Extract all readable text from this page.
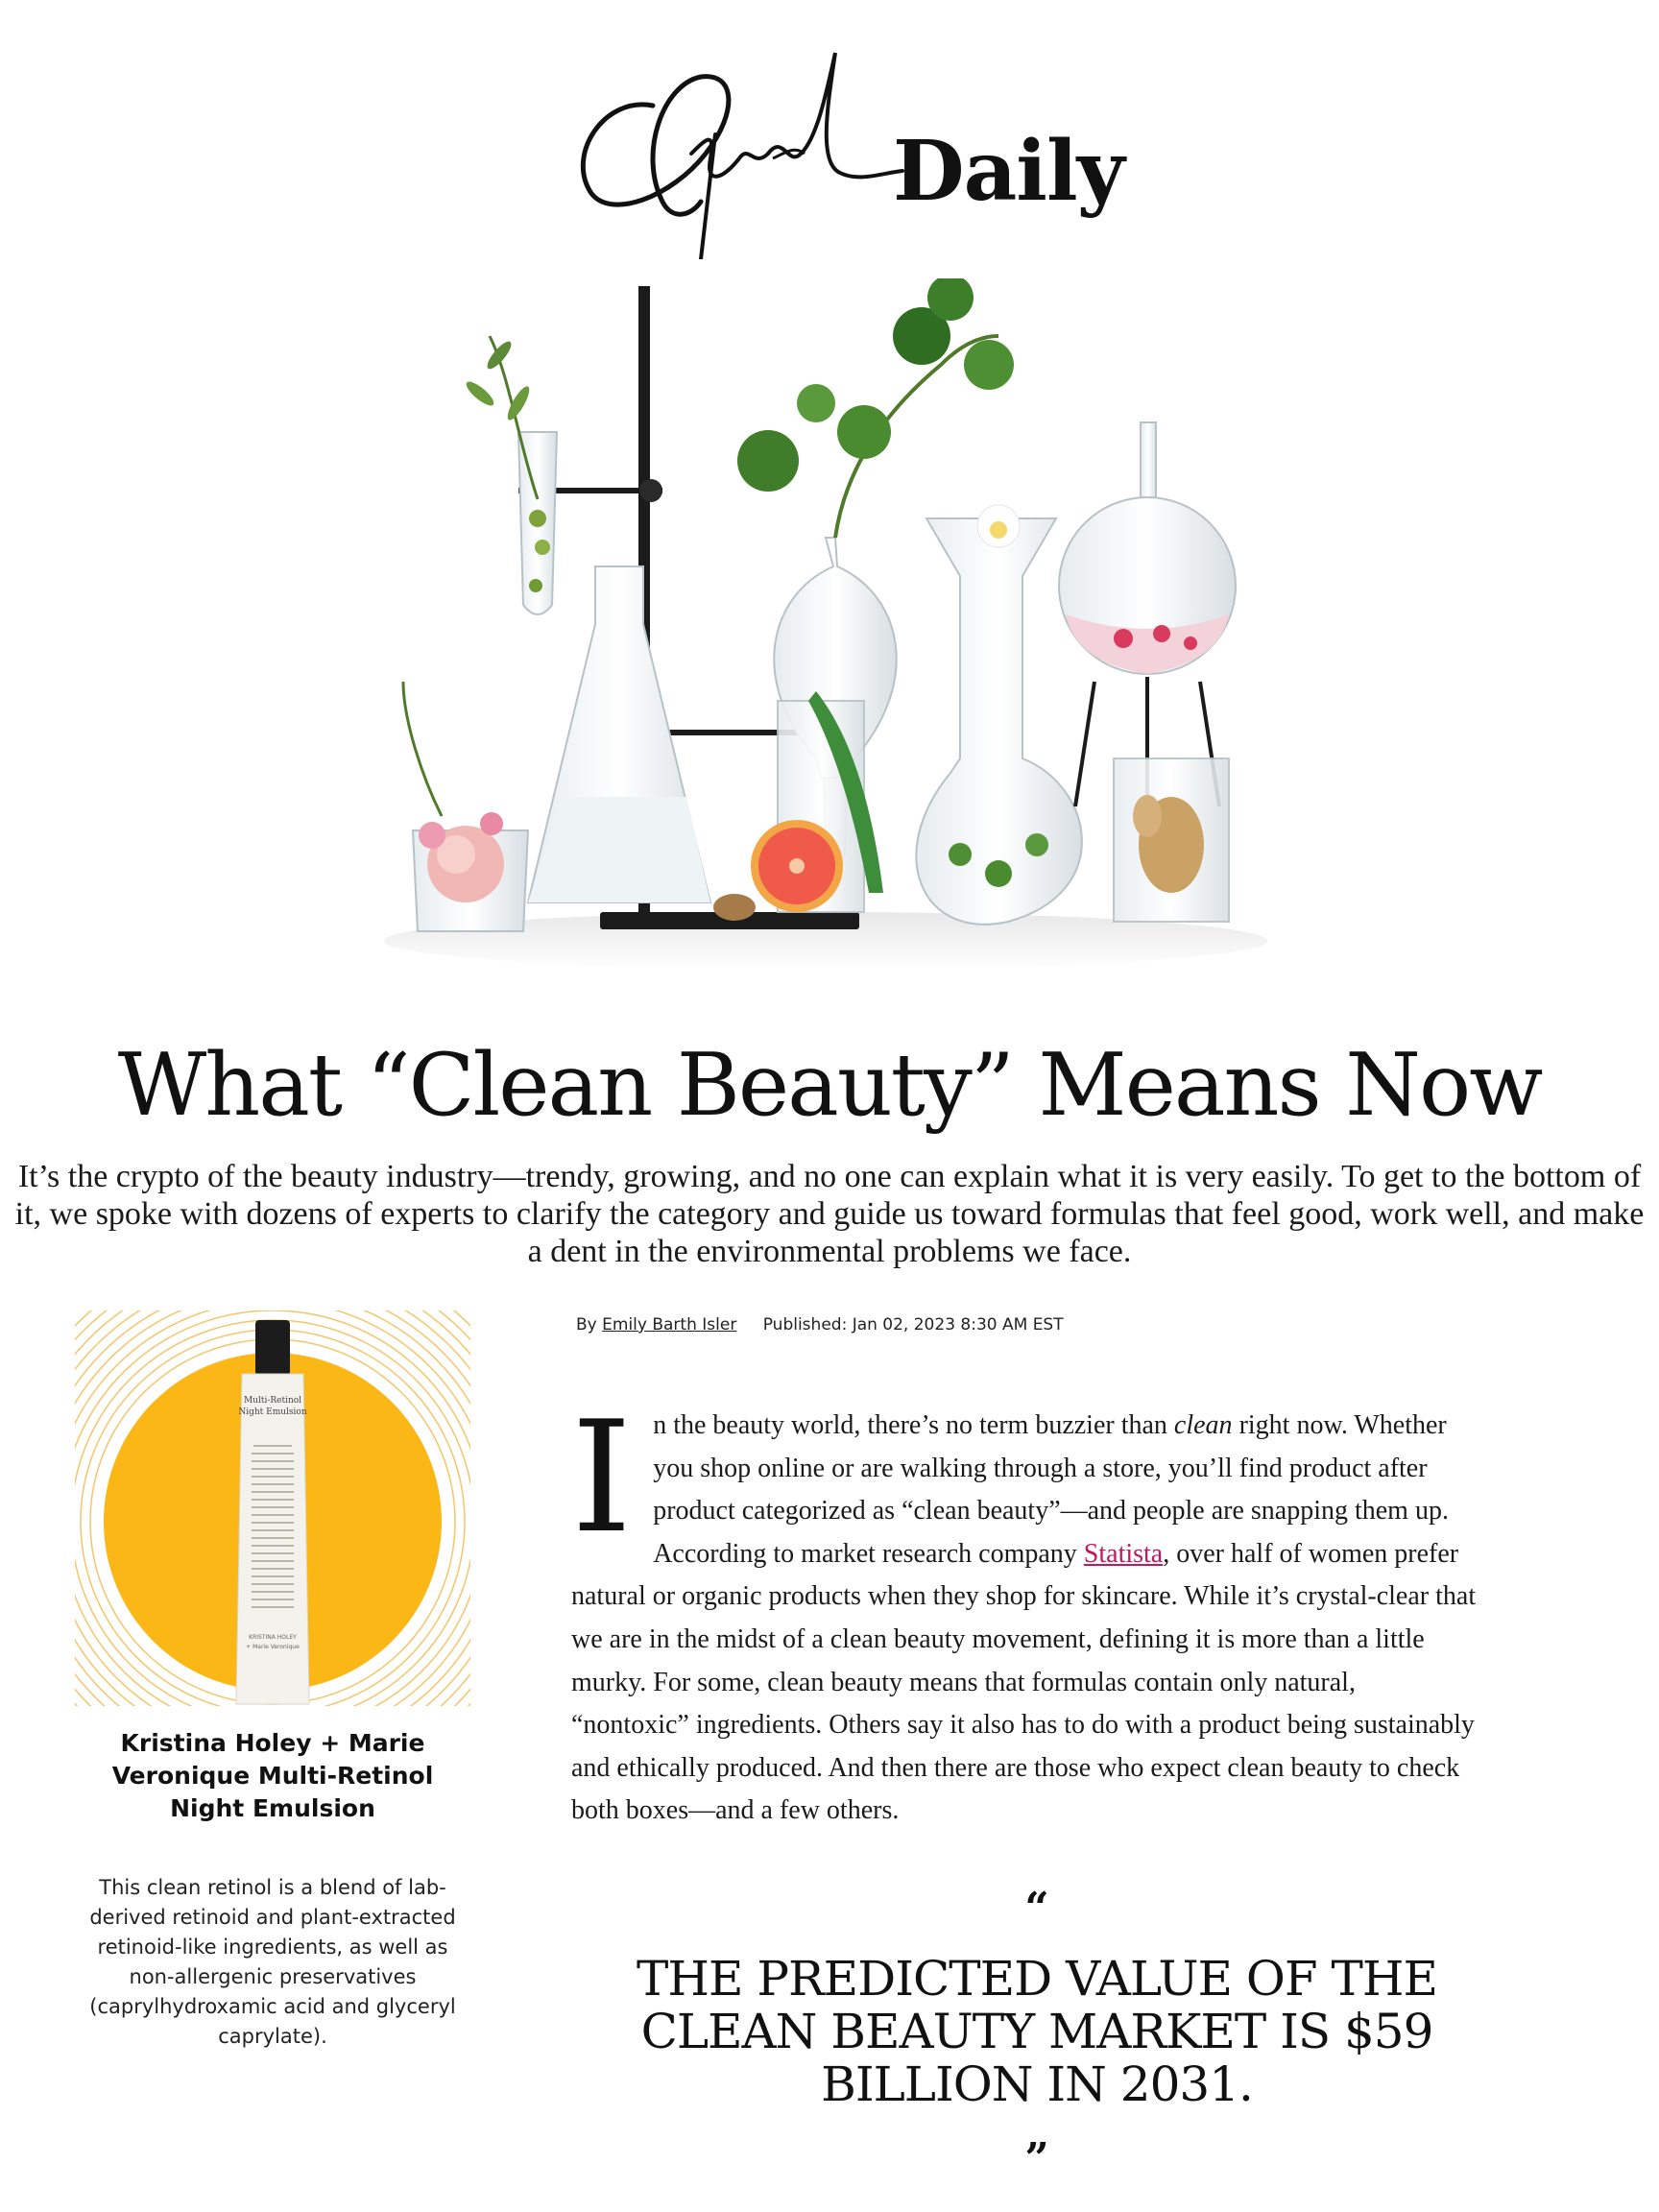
Daily
What “Clean Beauty” Means Now

It’s the crypto of the beauty industry—trendy, growing, and no one can explain what it is very easily. To get to the bottom of it, we spoke with dozens of experts to clarify the category and guide us toward formulas that feel good, work well, and make a dent in the environmental problems we face.

Multi-Retinol
Night Emulsion
KRISTINA HOLEY
+ Marie Veronique
Kristina Holey + Marie Veronique Multi-Retinol Night Emulsion

This clean retinol is a blend of lab-derived retinoid and plant-extracted retinoid-like ingredients, as well as non-allergenic preservatives (caprylhydroxamic acid and glyceryl caprylate).

By Emily Barth Isler Published: Jan 02, 2023 8:30 AM EST

In the beauty world, there’s no term buzzier than clean right now. Whether you shop online or are walking through a store, you’ll find product after product categorized as “clean beauty”—and people are snapping them up. According to market research company Statista, over half of women prefer natural or organic products when they shop for skincare. While it’s crystal-clear that we are in the midst of a clean beauty movement, defining it is more than a little murky. For some, clean beauty means that formulas contain only natural, “nontoxic” ingredients. Others say it also has to do with a product being sustainably and ethically produced. And then there are those who expect clean beauty to check both boxes—and a few others.

“

THE PREDICTED VALUE OF THE CLEAN BEAUTY MARKET IS $59 BILLION IN 2031.

”
